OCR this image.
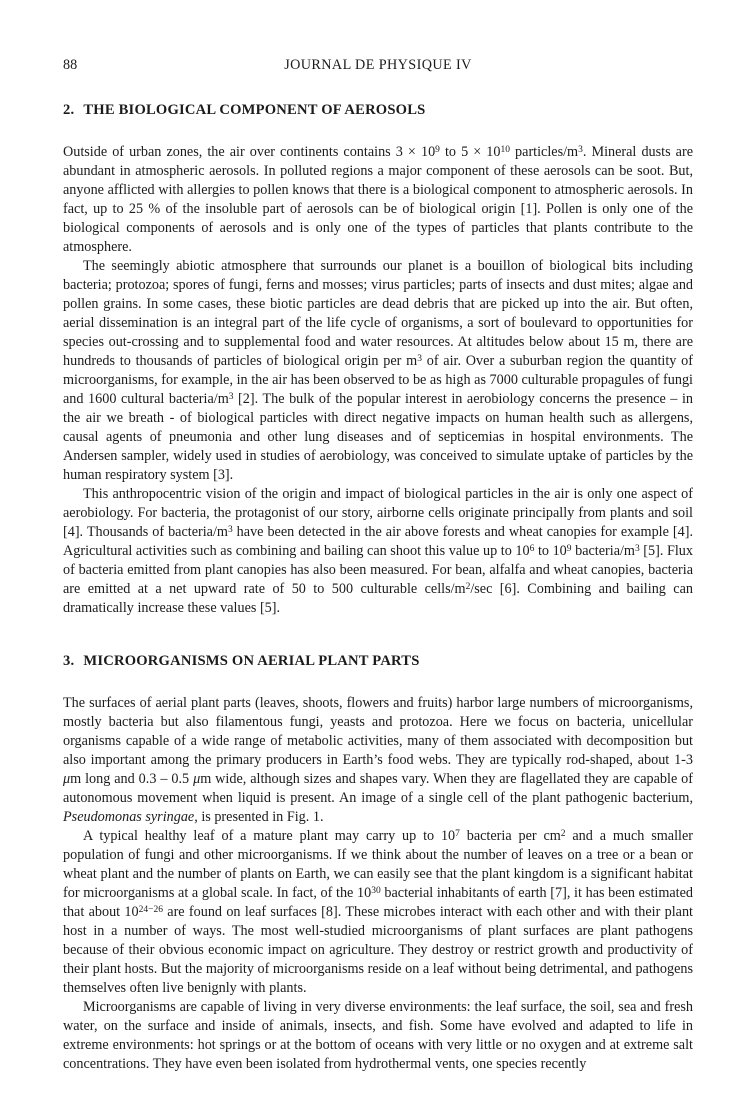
88	JOURNAL DE PHYSIQUE IV
2. THE BIOLOGICAL COMPONENT OF AEROSOLS

Outside of urban zones, the air over continents contains $3 \times 10^9$ to $5 \times 10^{10}$ particles/$m^3$. Mineral dusts are abundant in atmospheric aerosols. In polluted regions a major component of these aerosols can be soot. But, anyone afflicted with allergies to pollen knows that there is a biological component to atmospheric aerosols. In fact, up to 25 % of the insoluble part of aerosols can be of biological origin [1]. Pollen is only one of the biological components of aerosols and is only one of the types of particles that plants contribute to the atmosphere.

The seemingly abiotic atmosphere that surrounds our planet is a bouillon of biological bits including bacteria; protozoa; spores of fungi, ferns and mosses; virus particles; parts of insects and dust mites; algae and pollen grains. In some cases, these biotic particles are dead debris that are picked up into the air. But often, aerial dissemination is an integral part of the life cycle of organisms, a sort of boulevard to opportunities for species out-crossing and to supplemental food and water resources. At altitudes below about 15 m, there are hundreds to thousands of particles of biological origin per $m^3$ of air. Over a suburban region the quantity of microorganisms, for example, in the air has been observed to be as high as 7000 culturable propagules of fungi and 1600 cultural bacteria/$m^3$ [2]. The bulk of the popular interest in aerobiology concerns the presence – in the air we breath - of biological particles with direct negative impacts on human health such as allergens, causal agents of pneumonia and other lung diseases and of septicemias in hospital environments. The Andersen sampler, widely used in studies of aerobiology, was conceived to simulate uptake of particles by the human respiratory system [3].

This anthropocentric vision of the origin and impact of biological particles in the air is only one aspect of aerobiology. For bacteria, the protagonist of our story, airborne cells originate principally from plants and soil [4]. Thousands of bacteria/$m^3$ have been detected in the air above forests and wheat canopies for example [4]. Agricultural activities such as combining and bailing can shoot this value up to $10^6$ to $10^9$ bacteria/$m^3$ [5]. Flux of bacteria emitted from plant canopies has also been measured. For bean, alfalfa and wheat canopies, bacteria are emitted at a net upward rate of 50 to 500 culturable cells/$m^2/\sec$ [6]. Combining and bailing can dramatically increase these values [5].

3. MICROORGANISMS ON AERIAL PLANT PARTS

The surfaces of aerial plant parts (leaves, shoots, flowers and fruits) harbor large numbers of microorganisms, mostly bacteria but also filamentous fungi, yeasts and protozoa. Here we focus on bacteria, unicellular organisms capable of a wide range of metabolic activities, many of them associated with decomposition but also important among the primary producers in Earth’s food webs. They are typically rod-shaped, about 1-3 μm long and 0.3 – 0.5 μm wide, although sizes and shapes vary. When they are flagellated they are capable of autonomous movement when liquid is present. An image of a single cell of the plant pathogenic bacterium, Pseudomonas syringae, is presented in Fig. 1.

A typical healthy leaf of a mature plant may carry up to $10^7$ bacteria per $cm^2$ and a much smaller population of fungi and other microorganisms. If we think about the number of leaves on a tree or a bean or wheat plant and the number of plants on Earth, we can easily see that the plant kingdom is a significant habitat for microorganisms at a global scale. In fact, of the $10^{30}$ bacterial inhabitants of earth [7], it has been estimated that about $10^{24-26}$ are found on leaf surfaces [8]. These microbes interact with each other and with their plant host in a number of ways. The most well-studied microorganisms of plant surfaces are plant pathogens because of their obvious economic impact on agriculture. They destroy or restrict growth and productivity of their plant hosts. But the majority of microorganisms reside on a leaf without being detrimental, and pathogens themselves often live benignly with plants.

Microorganisms are capable of living in very diverse environments: the leaf surface, the soil, sea and fresh water, on the surface and inside of animals, insects, and fish. Some have evolved and adapted to life in extreme environments: hot springs or at the bottom of oceans with very little or no oxygen and at extreme salt concentrations. They have even been isolated from hydrothermal vents, one species recently
